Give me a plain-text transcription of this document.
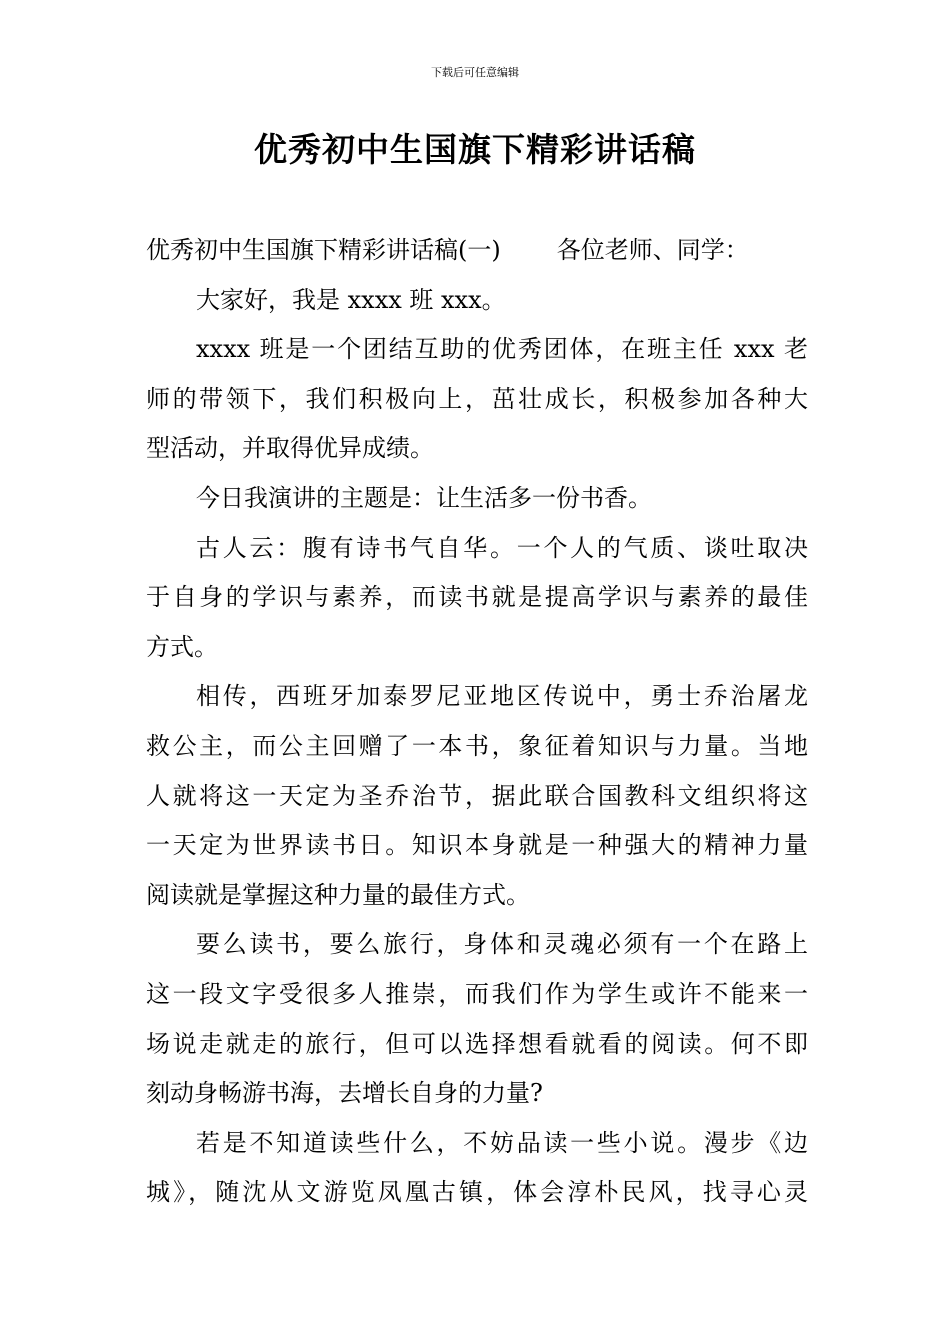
下载后可任意编辑
优秀初中生国旗下精彩讲话稿
优秀初中生国旗下精彩讲话稿(一) 各位老师、同学：
大家好，我是 xxxx 班 xxx。
xxxx 班是一个团结互助的优秀团体，在班主任 xxx 老
师的带领下，我们积极向上，茁壮成长，积极参加各种大
型活动，并取得优异成绩。
今日我演讲的主题是：让生活多一份书香。
古人云：腹有诗书气自华。一个人的气质、谈吐取决
于自身的学识与素养，而读书就是提高学识与素养的最佳
方式。
相传，西班牙加泰罗尼亚地区传说中，勇士乔治屠龙
救公主，而公主回赠了一本书，象征着知识与力量。当地
人就将这一天定为圣乔治节，据此联合国教科文组织将这
一天定为世界读书日。知识本身就是一种强大的精神力量
阅读就是掌握这种力量的最佳方式。
要么读书，要么旅行，身体和灵魂必须有一个在路上
这一段文字受很多人推崇，而我们作为学生或许不能来一
场说走就走的旅行，但可以选择想看就看的阅读。何不即
刻动身畅游书海，去增长自身的力量?
若是不知道读些什么，不妨品读一些小说。漫步《边
城》，随沈从文游览凤凰古镇，体会淳朴民风，找寻心灵
